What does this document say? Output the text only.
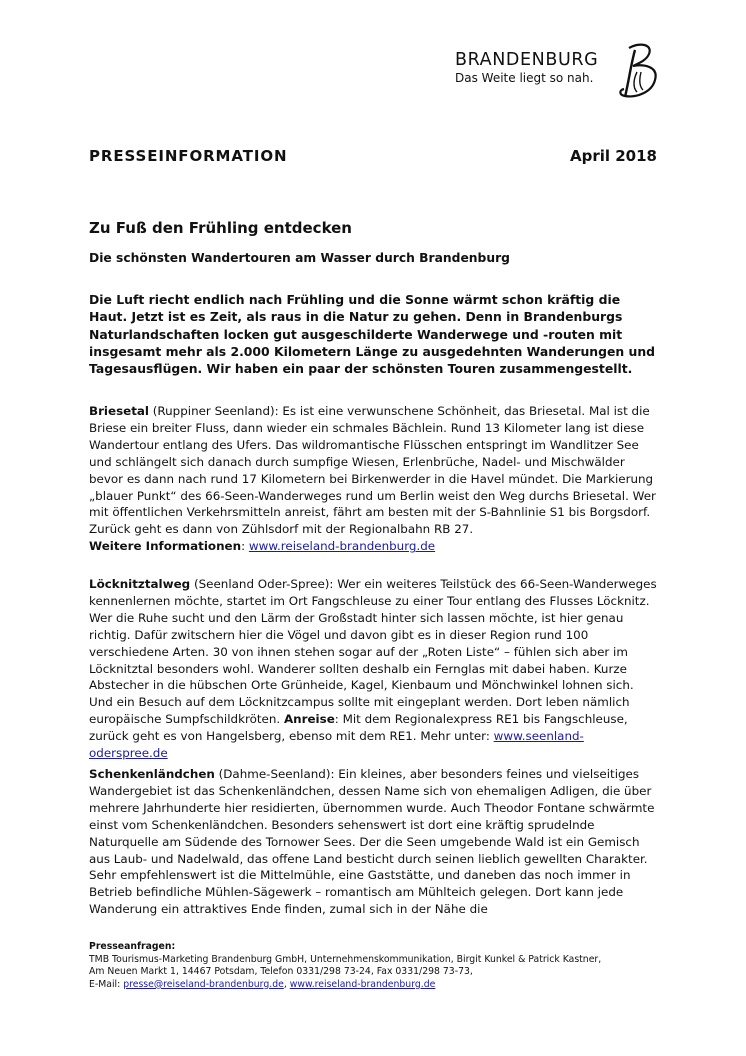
BRANDENBURG
Das Weite liegt so nah.
PRESSEINFORMATION	April 2018
Zu Fuß den Frühling entdecken
Die schönsten Wandertouren am Wasser durch Brandenburg

Die Luft riecht endlich nach Frühling und die Sonne wärmt schon kräftig die Haut. Jetzt ist es Zeit, als raus in die Natur zu gehen. Denn in Brandenburgs Naturlandschaften locken gut ausgeschilderte Wanderwege und -routen mit insgesamt mehr als 2.000 Kilometern Länge zu ausgedehnten Wanderungen und Tagesausflügen. Wir haben ein paar der schönsten Touren zusammengestellt.

Briesetal (Ruppiner Seenland): Es ist eine verwunschene Schönheit, das Briesetal. Mal ist die Briese ein breiter Fluss, dann wieder ein schmales Bächlein. Rund 13 Kilometer lang ist diese Wandertour entlang des Ufers. Das wildromantische Flüsschen entspringt im Wandlitzer See und schlängelt sich danach durch sumpfige Wiesen, Erlenbrüche, Nadel- und Mischwälder bevor es dann nach rund 17 Kilometern bei Birkenwerder in die Havel mündet. Die Markierung „blauer Punkt“ des 66-Seen-Wanderweges rund um Berlin weist den Weg durchs Briesetal. Wer mit öffentlichen Verkehrsmitteln anreist, fährt am besten mit der S-Bahnlinie S1 bis Borgsdorf. Zurück geht es dann von Zühlsdorf mit der Regionalbahn RB 27.
Weitere Informationen: www.reiseland-brandenburg.de

Löcknitztalweg (Seenland Oder-Spree): Wer ein weiteres Teilstück des 66-Seen-Wanderweges kennenlernen möchte, startet im Ort Fangschleuse zu einer Tour entlang des Flusses Löcknitz. Wer die Ruhe sucht und den Lärm der Großstadt hinter sich lassen möchte, ist hier genau richtig. Dafür zwitschern hier die Vögel und davon gibt es in dieser Region rund 100 verschiedene Arten. 30 von ihnen stehen sogar auf der „Roten Liste“ – fühlen sich aber im Löcknitztal besonders wohl. Wanderer sollten deshalb ein Fernglas mit dabei haben. Kurze Abstecher in die hübschen Orte Grünheide, Kagel, Kienbaum und Mönchwinkel lohnen sich. Und ein Besuch auf dem Löcknitzcampus sollte mit eingeplant werden. Dort leben nämlich europäische Sumpfschildkröten. Anreise: Mit dem Regionalexpress RE1 bis Fangschleuse, zurück geht es von Hangelsberg, ebenso mit dem RE1. Mehr unter: www.seenland-oderspree.de

Schenkenländchen (Dahme-Seenland): Ein kleines, aber besonders feines und vielseitiges Wandergebiet ist das Schenkenländchen, dessen Name sich von ehemaligen Adligen, die über mehrere Jahrhunderte hier residierten, übernommen wurde. Auch Theodor Fontane schwärmte einst vom Schenkenländchen. Besonders sehenswert ist dort eine kräftig sprudelnde Naturquelle am Südende des Tornower Sees. Der die Seen umgebende Wald ist ein Gemisch aus Laub- und Nadelwald, das offene Land besticht durch seinen lieblich gewellten Charakter. Sehr empfehlenswert ist die Mittelmühle, eine Gaststätte, und daneben das noch immer in Betrieb befindliche Mühlen-Sägewerk – romantisch am Mühlteich gelegen. Dort kann jede Wanderung ein attraktives Ende finden, zumal sich in der Nähe die

Presseanfragen:
TMB Tourismus-Marketing Brandenburg GmbH, Unternehmenskommunikation, Birgit Kunkel & Patrick Kastner,
Am Neuen Markt 1, 14467 Potsdam, Telefon 0331/298 73-24, Fax 0331/298 73-73,
E-Mail: presse@reiseland-brandenburg.de, www.reiseland-brandenburg.de
